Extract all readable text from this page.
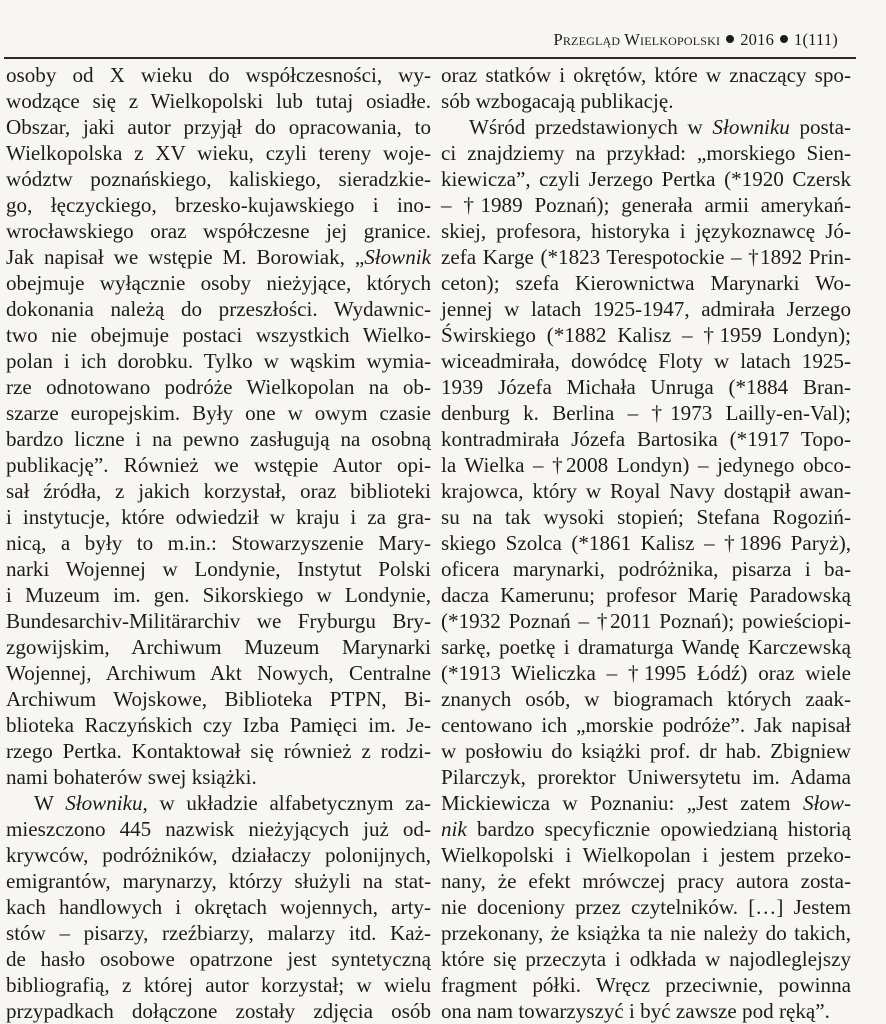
Przegląd Wielkopolski 2016 1(111)
osoby od X wieku do współczesności, wy-
wodzące się z Wielkopolski lub tutaj osiadłe.
Obszar, jaki autor przyjął do opracowania, to
Wielkopolska z XV wieku, czyli tereny woje-
wództw poznańskiego, kaliskiego, sieradzkie-
go, łęczyckiego, brzesko-kujawskiego i ino-
wrocławskiego oraz współczesne jej granice.
Jak napisał we wstępie M. Borowiak, „Słownik
obejmuje wyłącznie osoby nieżyjące, których
dokonania należą do przeszłości. Wydawnic-
two nie obejmuje postaci wszystkich Wielko-
polan i ich dorobku. Tylko w wąskim wymia-
rze odnotowano podróże Wielkopolan na ob-
szarze europejskim. Były one w owym czasie
bardzo liczne i na pewno zasługują na osobną
publikację”. Również we wstępie Autor opi-
sał źródła, z jakich korzystał, oraz biblioteki
i instytucje, które odwiedził w kraju i za gra-
nicą, a były to m.in.: Stowarzyszenie Mary-
narki Wojennej w Londynie, Instytut Polski
i Muzeum im. gen. Sikorskiego w Londynie,
Bundesarchiv-Militärarchiv we Fryburgu Bry-
zgowijskim, Archiwum Muzeum Marynarki
Wojennej, Archiwum Akt Nowych, Centralne
Archiwum Wojskowe, Biblioteka PTPN, Bi-
blioteka Raczyńskich czy Izba Pamięci im. Je-
rzego Pertka. Kontaktował się również z rodzi-
nami bohaterów swej książki.
W Słowniku, w układzie alfabetycznym za-
mieszczono 445 nazwisk nieżyjących już od-
krywców, podróżników, działaczy polonijnych,
emigrantów, marynarzy, którzy służyli na stat-
kach handlowych i okrętach wojennych, arty-
stów – pisarzy, rzeźbiarzy, malarzy itd. Każ-
de hasło osobowe opatrzone jest syntetyczną
bibliografią, z której autor korzystał; w wielu
przypadkach dołączone zostały zdjęcia osób
oraz statków i okrętów, które w znaczący spo-
sób wzbogacają publikację.
Wśród przedstawionych w Słowniku posta-
ci znajdziemy na przykład: „morskiego Sien-
kiewicza”, czyli Jerzego Pertka (*1920 Czersk
– †1989 Poznań); generała armii amerykań-
skiej, profesora, historyka i językoznawcę Jó-
zefa Karge (*1823 Terespotockie – †1892 Prin-
ceton); szefa Kierownictwa Marynarki Wo-
jennej w latach 1925-1947, admirała Jerzego
Świrskiego (*1882 Kalisz – †1959 Londyn);
wiceadmirała, dowódcę Floty w latach 1925-
1939 Józefa Michała Unruga (*1884 Bran-
denburg k. Berlina – †1973 Lailly-en-Val);
kontradmirała Józefa Bartosika (*1917 Topo-
la Wielka – †2008 Londyn) – jedynego obco-
krajowca, który w Royal Navy dostąpił awan-
su na tak wysoki stopień; Stefana Rogoziń-
skiego Szolca (*1861 Kalisz – †1896 Paryż),
oficera marynarki, podróżnika, pisarza i ba-
dacza Kamerunu; profesor Marię Paradowską
(*1932 Poznań – †2011 Poznań); powieściopi-
sarkę, poetkę i dramaturga Wandę Karczewską
(*1913 Wieliczka – †1995 Łódź) oraz wiele
znanych osób, w biogramach których zaak-
centowano ich „morskie podróże”. Jak napisał
w posłowiu do książki prof. dr hab. Zbigniew
Pilarczyk, prorektor Uniwersytetu im. Adama
Mickiewicza w Poznaniu: „Jest zatem Słow-
nik bardzo specyficznie opowiedzianą historią
Wielkopolski i Wielkopolan i jestem przeko-
nany, że efekt mrówczej pracy autora zosta-
nie doceniony przez czytelników. […] Jestem
przekonany, że książka ta nie należy do takich,
które się przeczyta i odkłada w najodleglejszy
fragment półki. Wręcz przeciwnie, powinna
ona nam towarzyszyć i być zawsze pod ręką”.
